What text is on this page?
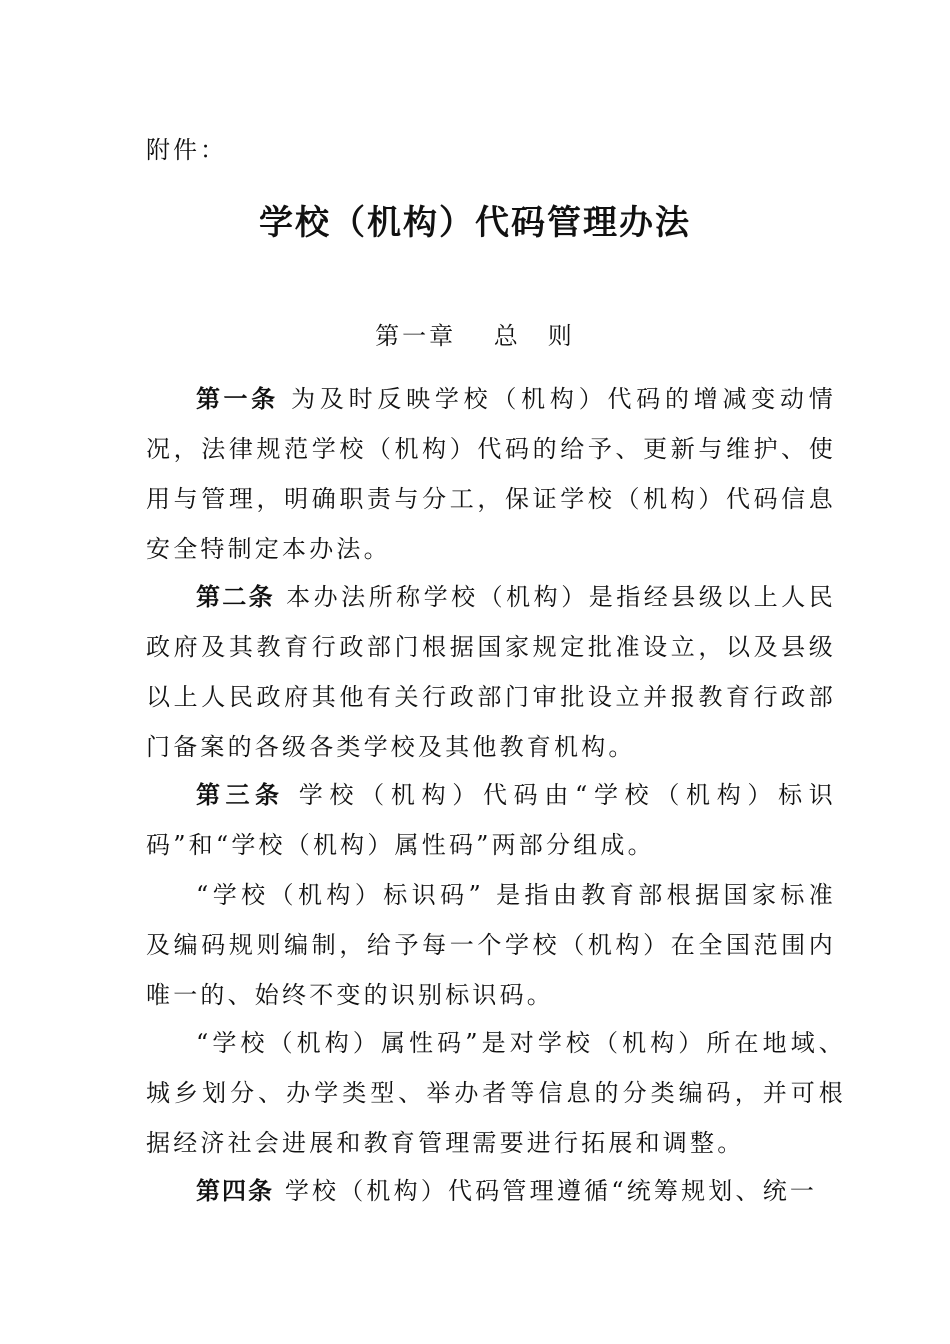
附件：
学校（机构）代码管理办法
第一章　 总　则
第一条 为及时反映学校（机构）代码的增减变动情况，法律规范学校（机构）代码的给予、更新与维护、使用与管理，明确职责与分工，保证学校（机构）代码信息安全特制定本办法。
第二条 本办法所称学校（机构）是指经县级以上人民政府及其教育行政部门根据国家规定批准设立，以及县级以上人民政府其他有关行政部门审批设立并报教育行政部门备案的各级各类学校及其他教育机构。
第三条 学校（机构）代码由“学校（机构）标识码”和“学校（机构）属性码”两部分组成。
“学校（机构）标识码” 是指由教育部根据国家标准及编码规则编制，给予每一个学校（机构）在全国范围内唯一的、始终不变的识别标识码。
“学校（机构）属性码”是对学校（机构）所在地域、城乡划分、办学类型、举办者等信息的分类编码，并可根据经济社会进展和教育管理需要进行拓展和调整。
第四条 学校（机构）代码管理遵循“统筹规划、统一
